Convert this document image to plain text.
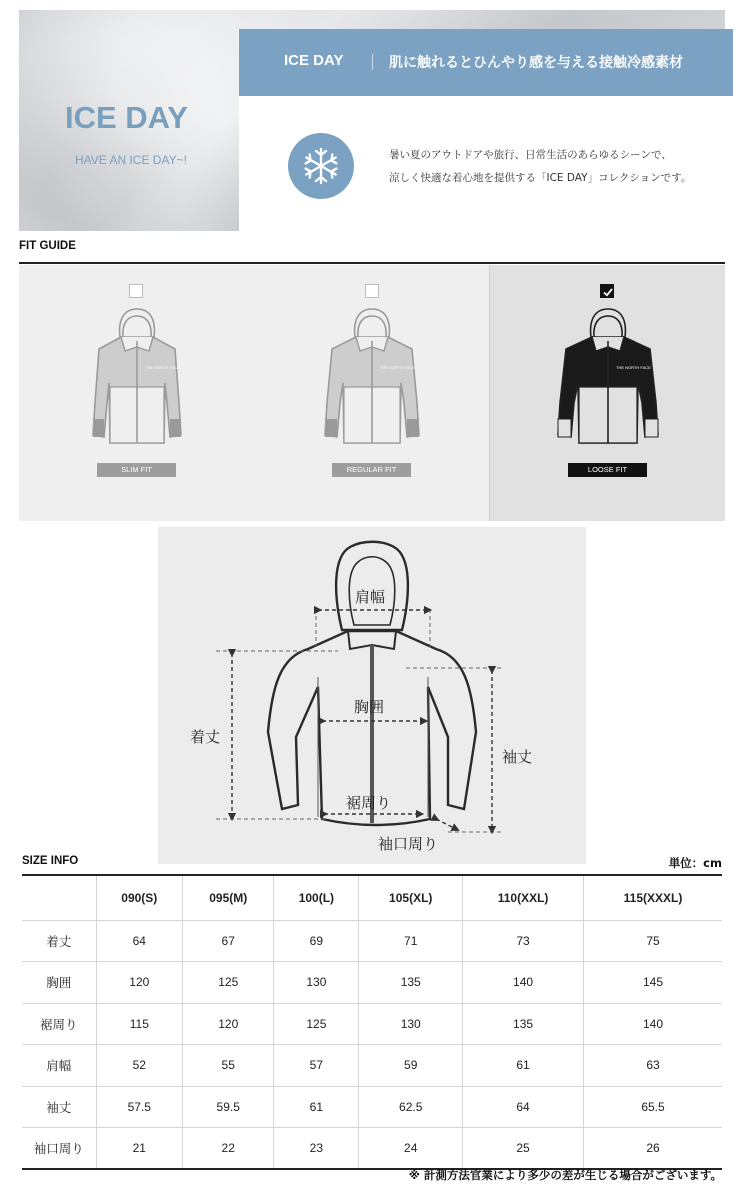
ICE DAY
HAVE AN ICE DAY~!
ICE DAY	肌に触れるとひんやり感を与える接触冷感素材
暑い夏のアウトドアや旅行、日常生活のあらゆるシーンで、
涼しく快適な着心地を提供する「ICE DAY」コレクションです。
FIT GUIDE
THE NORTH FACE
SLIM FIT
THE NORTH FACE
REGULAR FIT
THE NORTH FACE
LOOSE FIT
肩幅
胸囲
着丈
袖丈
裾周り
袖口周り
SIZE INFO	単位：cm
	090(S)	095(M)	100(L)	105(XL)	110(XXL)	115(XXXL)
着丈	64	67	69	71	73	75
胸囲	120	125	130	135	140	145
裾周り	115	120	125	130	135	140
肩幅	52	55	57	59	61	63
袖丈	57.5	59.5	61	62.5	64	65.5
袖口周り	21	22	23	24	25	26
※ 計測方法官業により多少の差が生じる場合がございます。
